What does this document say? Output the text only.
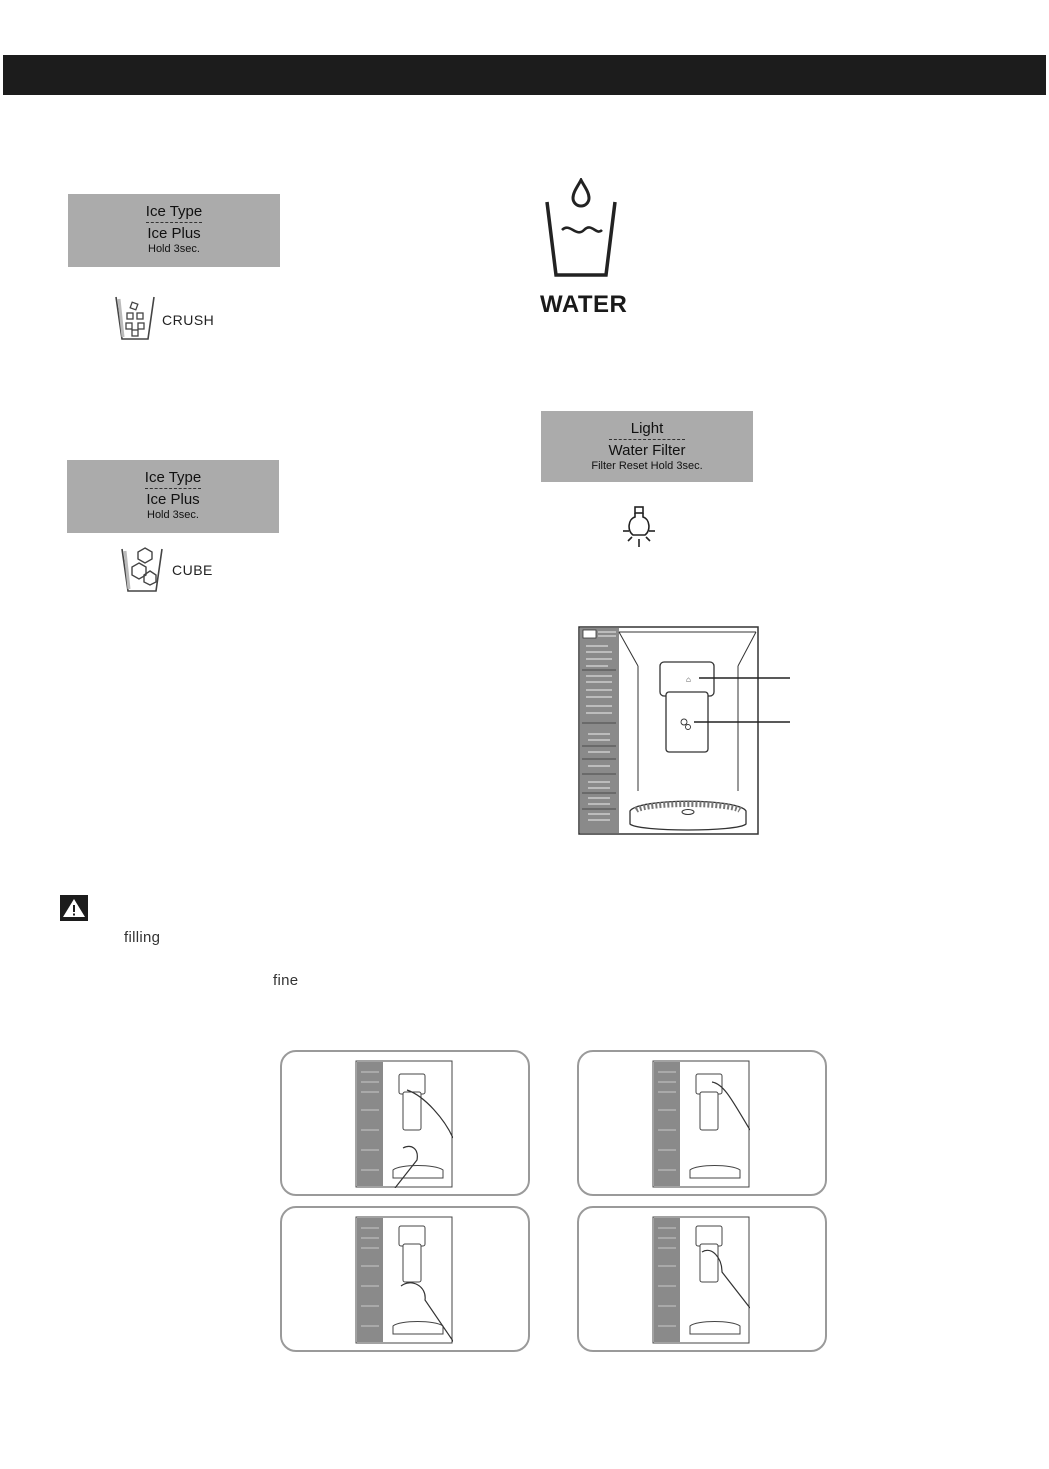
Ice Type
Ice Plus
Hold 3sec.
CRUSH
Ice Type
Ice Plus
Hold 3sec.
CUBE
WATER
Light
Water Filter
Filter Reset Hold 3sec.
⌂
filling
fine
